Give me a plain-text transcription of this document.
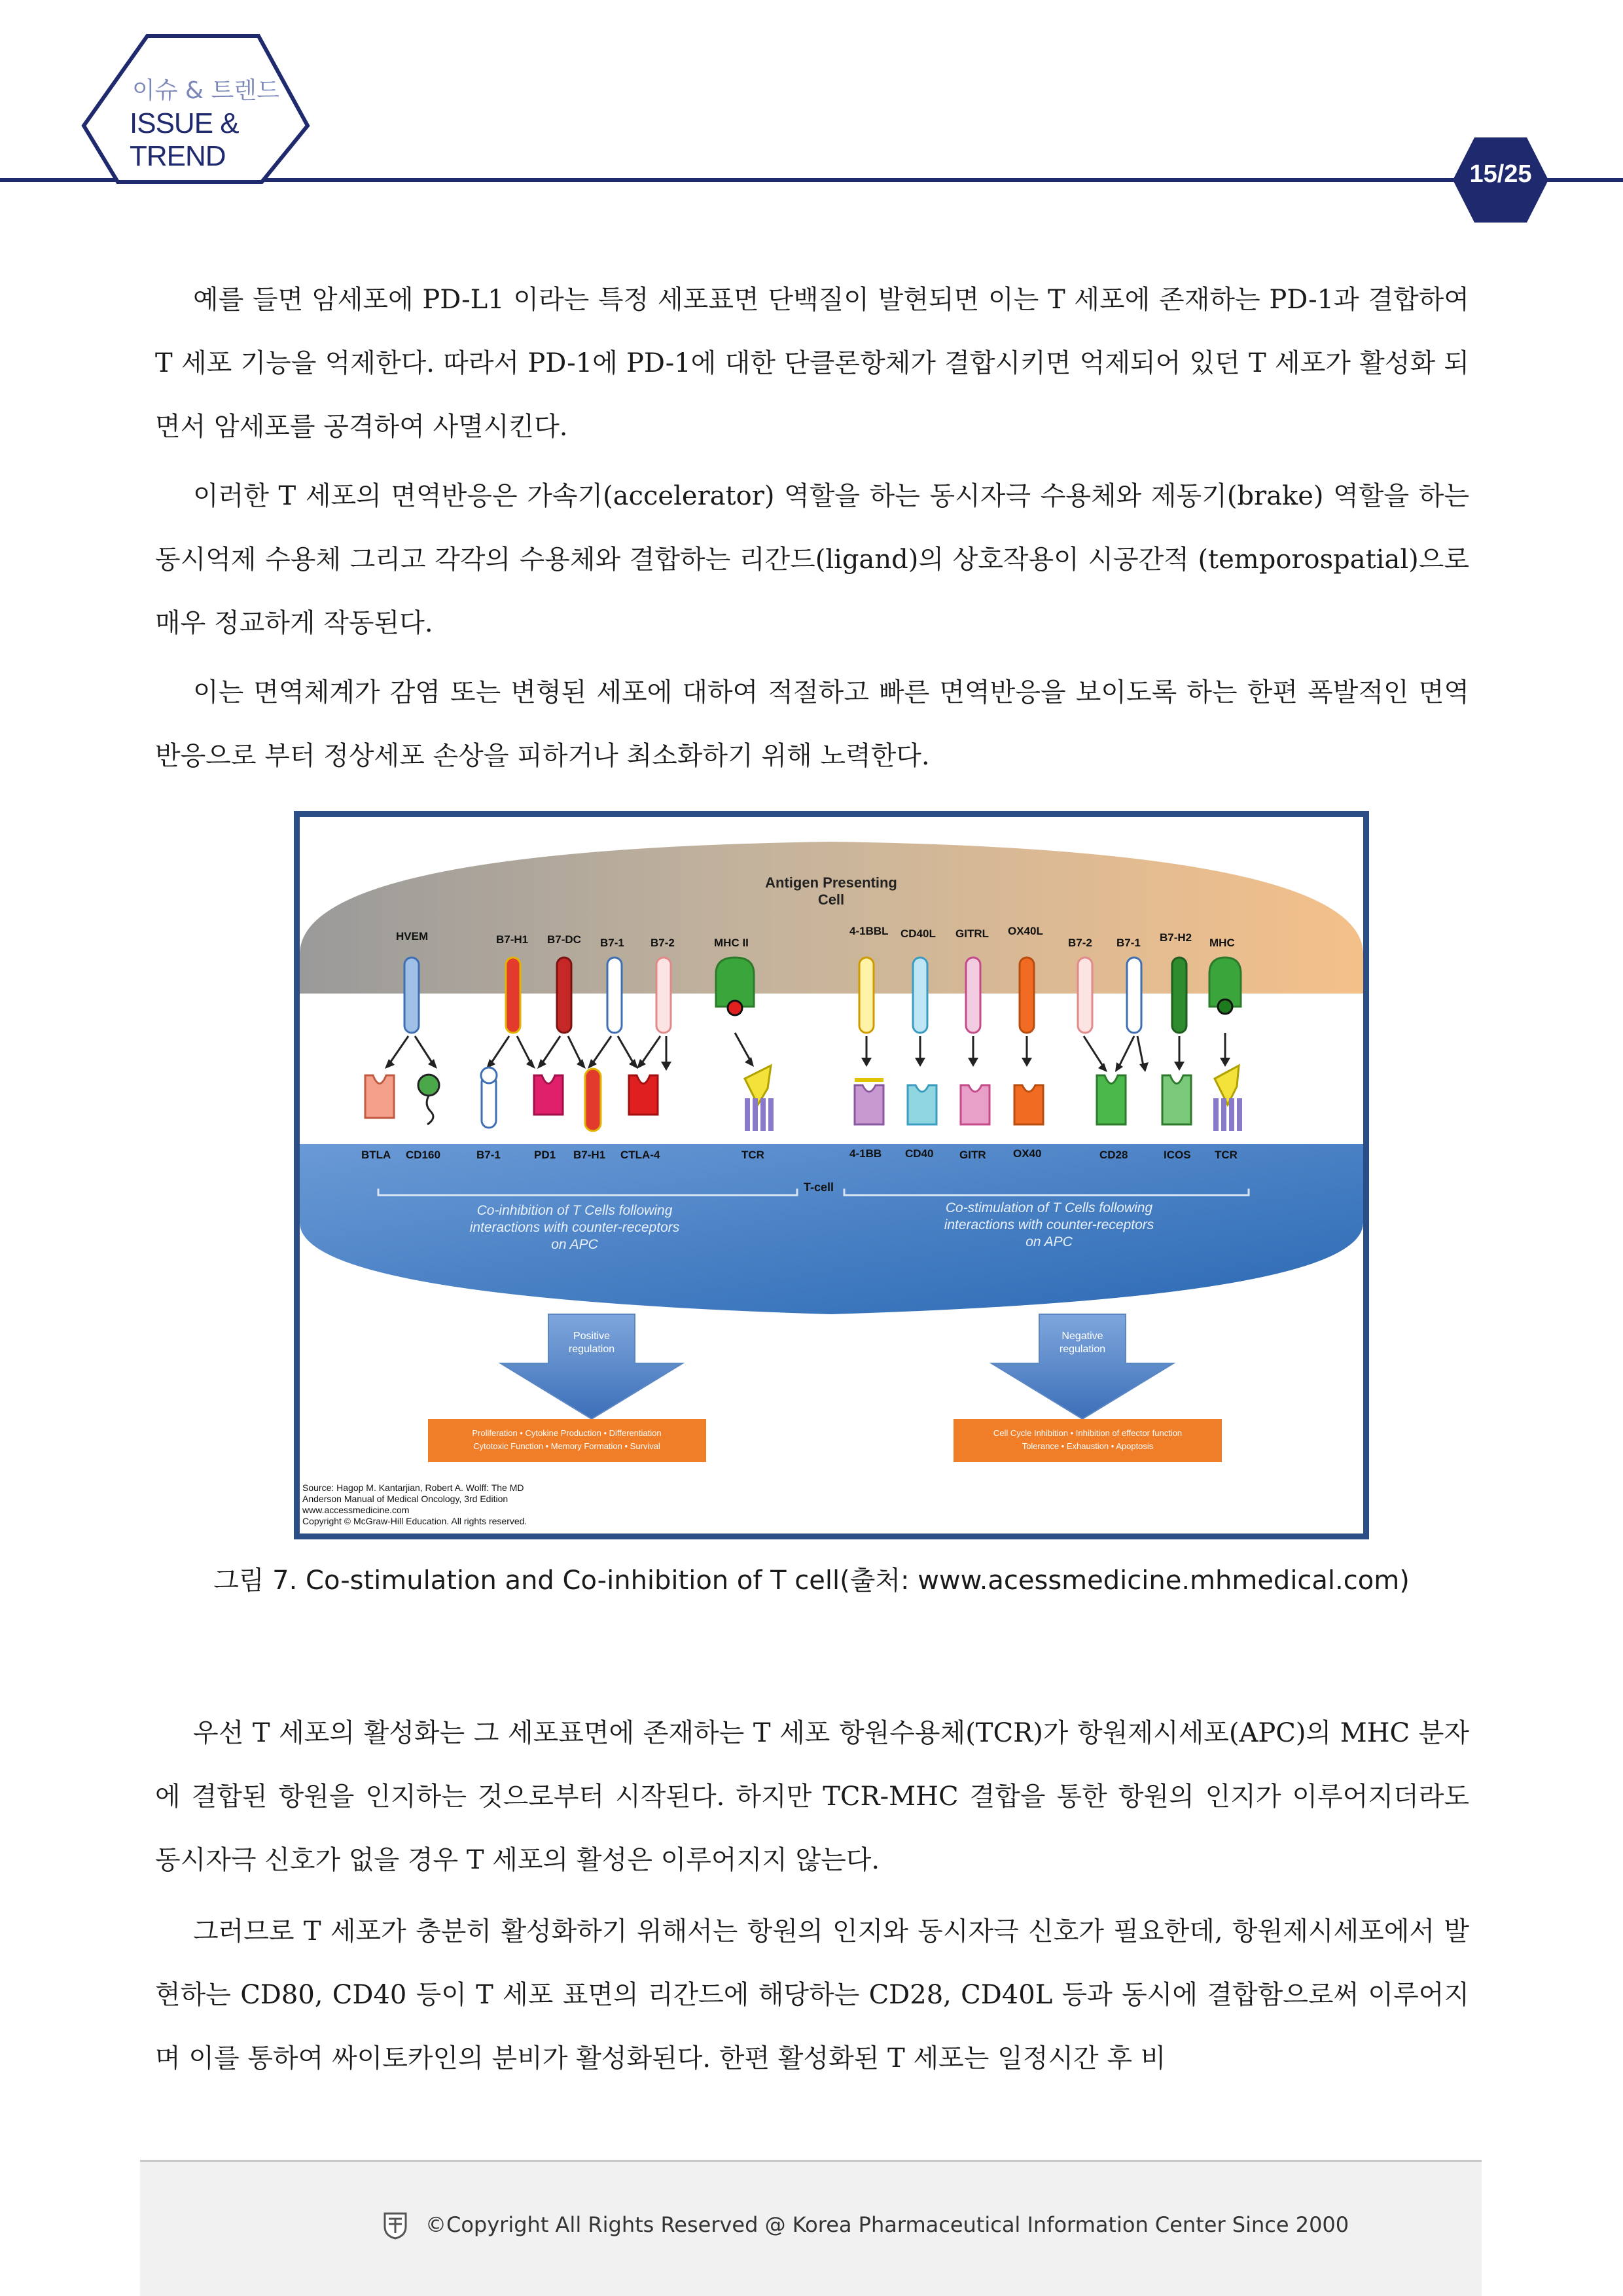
이슈 & 트렌드
ISSUE &
TREND
15/25

예를 들면 암세포에 PD-L1 이라는 특정 세포표면 단백질이 발현되면 이는 T 세포에 존재하는 PD-1과 결합하여 T 세포 기능을 억제한다. 따라서 PD-1에 PD-1에 대한 단클론항체가 결합시키면 억제되어 있던 T 세포가 활성화 되면서 암세포를 공격하여 사멸시킨다.

이러한 T 세포의 면역반응은 가속기(accelerator) 역할을 하는 동시자극 수용체와 제동기(brake) 역할을 하는 동시억제 수용체 그리고 각각의 수용체와 결합하는 리간드(ligand)의 상호작용이 시공간적 (temporospatial)으로 매우 정교하게 작동된다.

이는 면역체계가 감염 또는 변형된 세포에 대하여 적절하고 빠른 면역반응을 보이도록 하는 한편 폭발적인 면역반응으로 부터 정상세포 손상을 피하거나 최소화하기 위해 노력한다.

Antigen Presenting
Cell
HVEM	B7-H1 B7-DC B7-1 B7-2	MHC II
4-1BBL CD40L GITRL OX40L
B7-2 B7-1 B7-H2 MHC
BTLA CD160	B7-1	PD1 B7-H1 CTLA-4	TCR	4-1BB CD40 GITR OX40	CD28	ICOS TCR
T-cell
Co-inhibition of T Cells following
interactions with counter-receptors
on APC
Co-stimulation of T Cells following
interactions with counter-receptors
on APC
Positive
regulation
Negative
regulation
Proliferation • Cytokine Production • Differentiation
Cytotoxic Function • Memory Formation • Survival
Cell Cycle Inhibition • Inhibition of effector function
Tolerance • Exhaustion • Apoptosis
Source: Hagop M. Kantarjian, Robert A. Wolff: The MD
Anderson Manual of Medical Oncology, 3rd Edition
www.accessmedicine.com
Copyright © McGraw-Hill Education. All rights reserved.
그림 7. Co-stimulation and Co-inhibition of T cell(출처: www.acessmedicine.mhmedical.com)

우선 T 세포의 활성화는 그 세포표면에 존재하는 T 세포 항원수용체(TCR)가 항원제시세포(APC)의 MHC 분자에 결합된 항원을 인지하는 것으로부터 시작된다. 하지만 TCR-MHC 결합을 통한 항원의 인지가 이루어지더라도 동시자극 신호가 없을 경우 T 세포의 활성은 이루어지지 않는다.

그러므로 T 세포가 충분히 활성화하기 위해서는 항원의 인지와 동시자극 신호가 필요한데, 항원제시세포에서 발현하는 CD80, CD40 등이 T 세포 표면의 리간드에 해당하는 CD28, CD40L 등과 동시에 결합함으로써 이루어지며 이를 통하여 싸이토카인의 분비가 활성화된다. 한편 활성화된 T 세포는 일정시간 후 비

©Copyright All Rights Reserved @ Korea Pharmaceutical Information Center Since 2000
